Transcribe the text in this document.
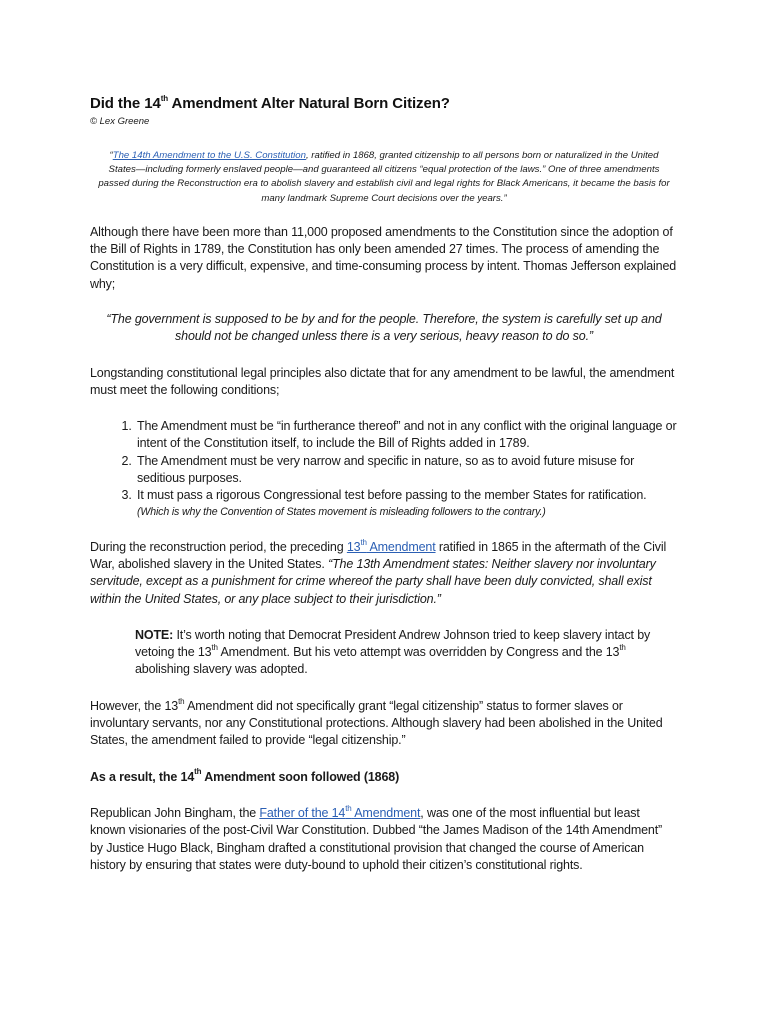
Did the 14th Amendment Alter Natural Born Citizen?
© Lex Greene

“The 14th Amendment to the U.S. Constitution, ratified in 1868, granted citizenship to all persons born or naturalized in the United States—including formerly enslaved people—and guaranteed all citizens “equal protection of the laws.” One of three amendments passed during the Reconstruction era to abolish slavery and establish civil and legal rights for Black Americans, it became the basis for many landmark Supreme Court decisions over the years.”

Although there have been more than 11,000 proposed amendments to the Constitution since the adoption of the Bill of Rights in 1789, the Constitution has only been amended 27 times. The process of amending the Constitution is a very difficult, expensive, and time-consuming process by intent. Thomas Jefferson explained why;

“The government is supposed to be by and for the people. Therefore, the system is carefully set up and should not be changed unless there is a very serious, heavy reason to do so.”

Longstanding constitutional legal principles also dictate that for any amendment to be lawful, the amendment must meet the following conditions;

1. The Amendment must be “in furtherance thereof” and not in any conflict with the original language or intent of the Constitution itself, to include the Bill of Rights added in 1789.
2. The Amendment must be very narrow and specific in nature, so as to avoid future misuse for seditious purposes.
3. It must pass a rigorous Congressional test before passing to the member States for ratification.
(Which is why the Convention of States movement is misleading followers to the contrary.)

During the reconstruction period, the preceding 13th Amendment ratified in 1865 in the aftermath of the Civil War, abolished slavery in the United States. “The 13th Amendment states: Neither slavery nor involuntary servitude, except as a punishment for crime whereof the party shall have been duly convicted, shall exist within the United States, or any place subject to their jurisdiction.”

NOTE: It’s worth noting that Democrat President Andrew Johnson tried to keep slavery intact by vetoing the 13th Amendment. But his veto attempt was overridden by Congress and the 13th abolishing slavery was adopted.

However, the 13th Amendment did not specifically grant “legal citizenship” status to former slaves or involuntary servants, nor any Constitutional protections. Although slavery had been abolished in the United States, the amendment failed to provide “legal citizenship.”

As a result, the 14th Amendment soon followed (1868)

Republican John Bingham, the Father of the 14th Amendment, was one of the most influential but least known visionaries of the post-Civil War Constitution. Dubbed “the James Madison of the 14th Amendment” by Justice Hugo Black, Bingham drafted a constitutional provision that changed the course of American history by ensuring that states were duty-bound to uphold their citizen’s constitutional rights.
